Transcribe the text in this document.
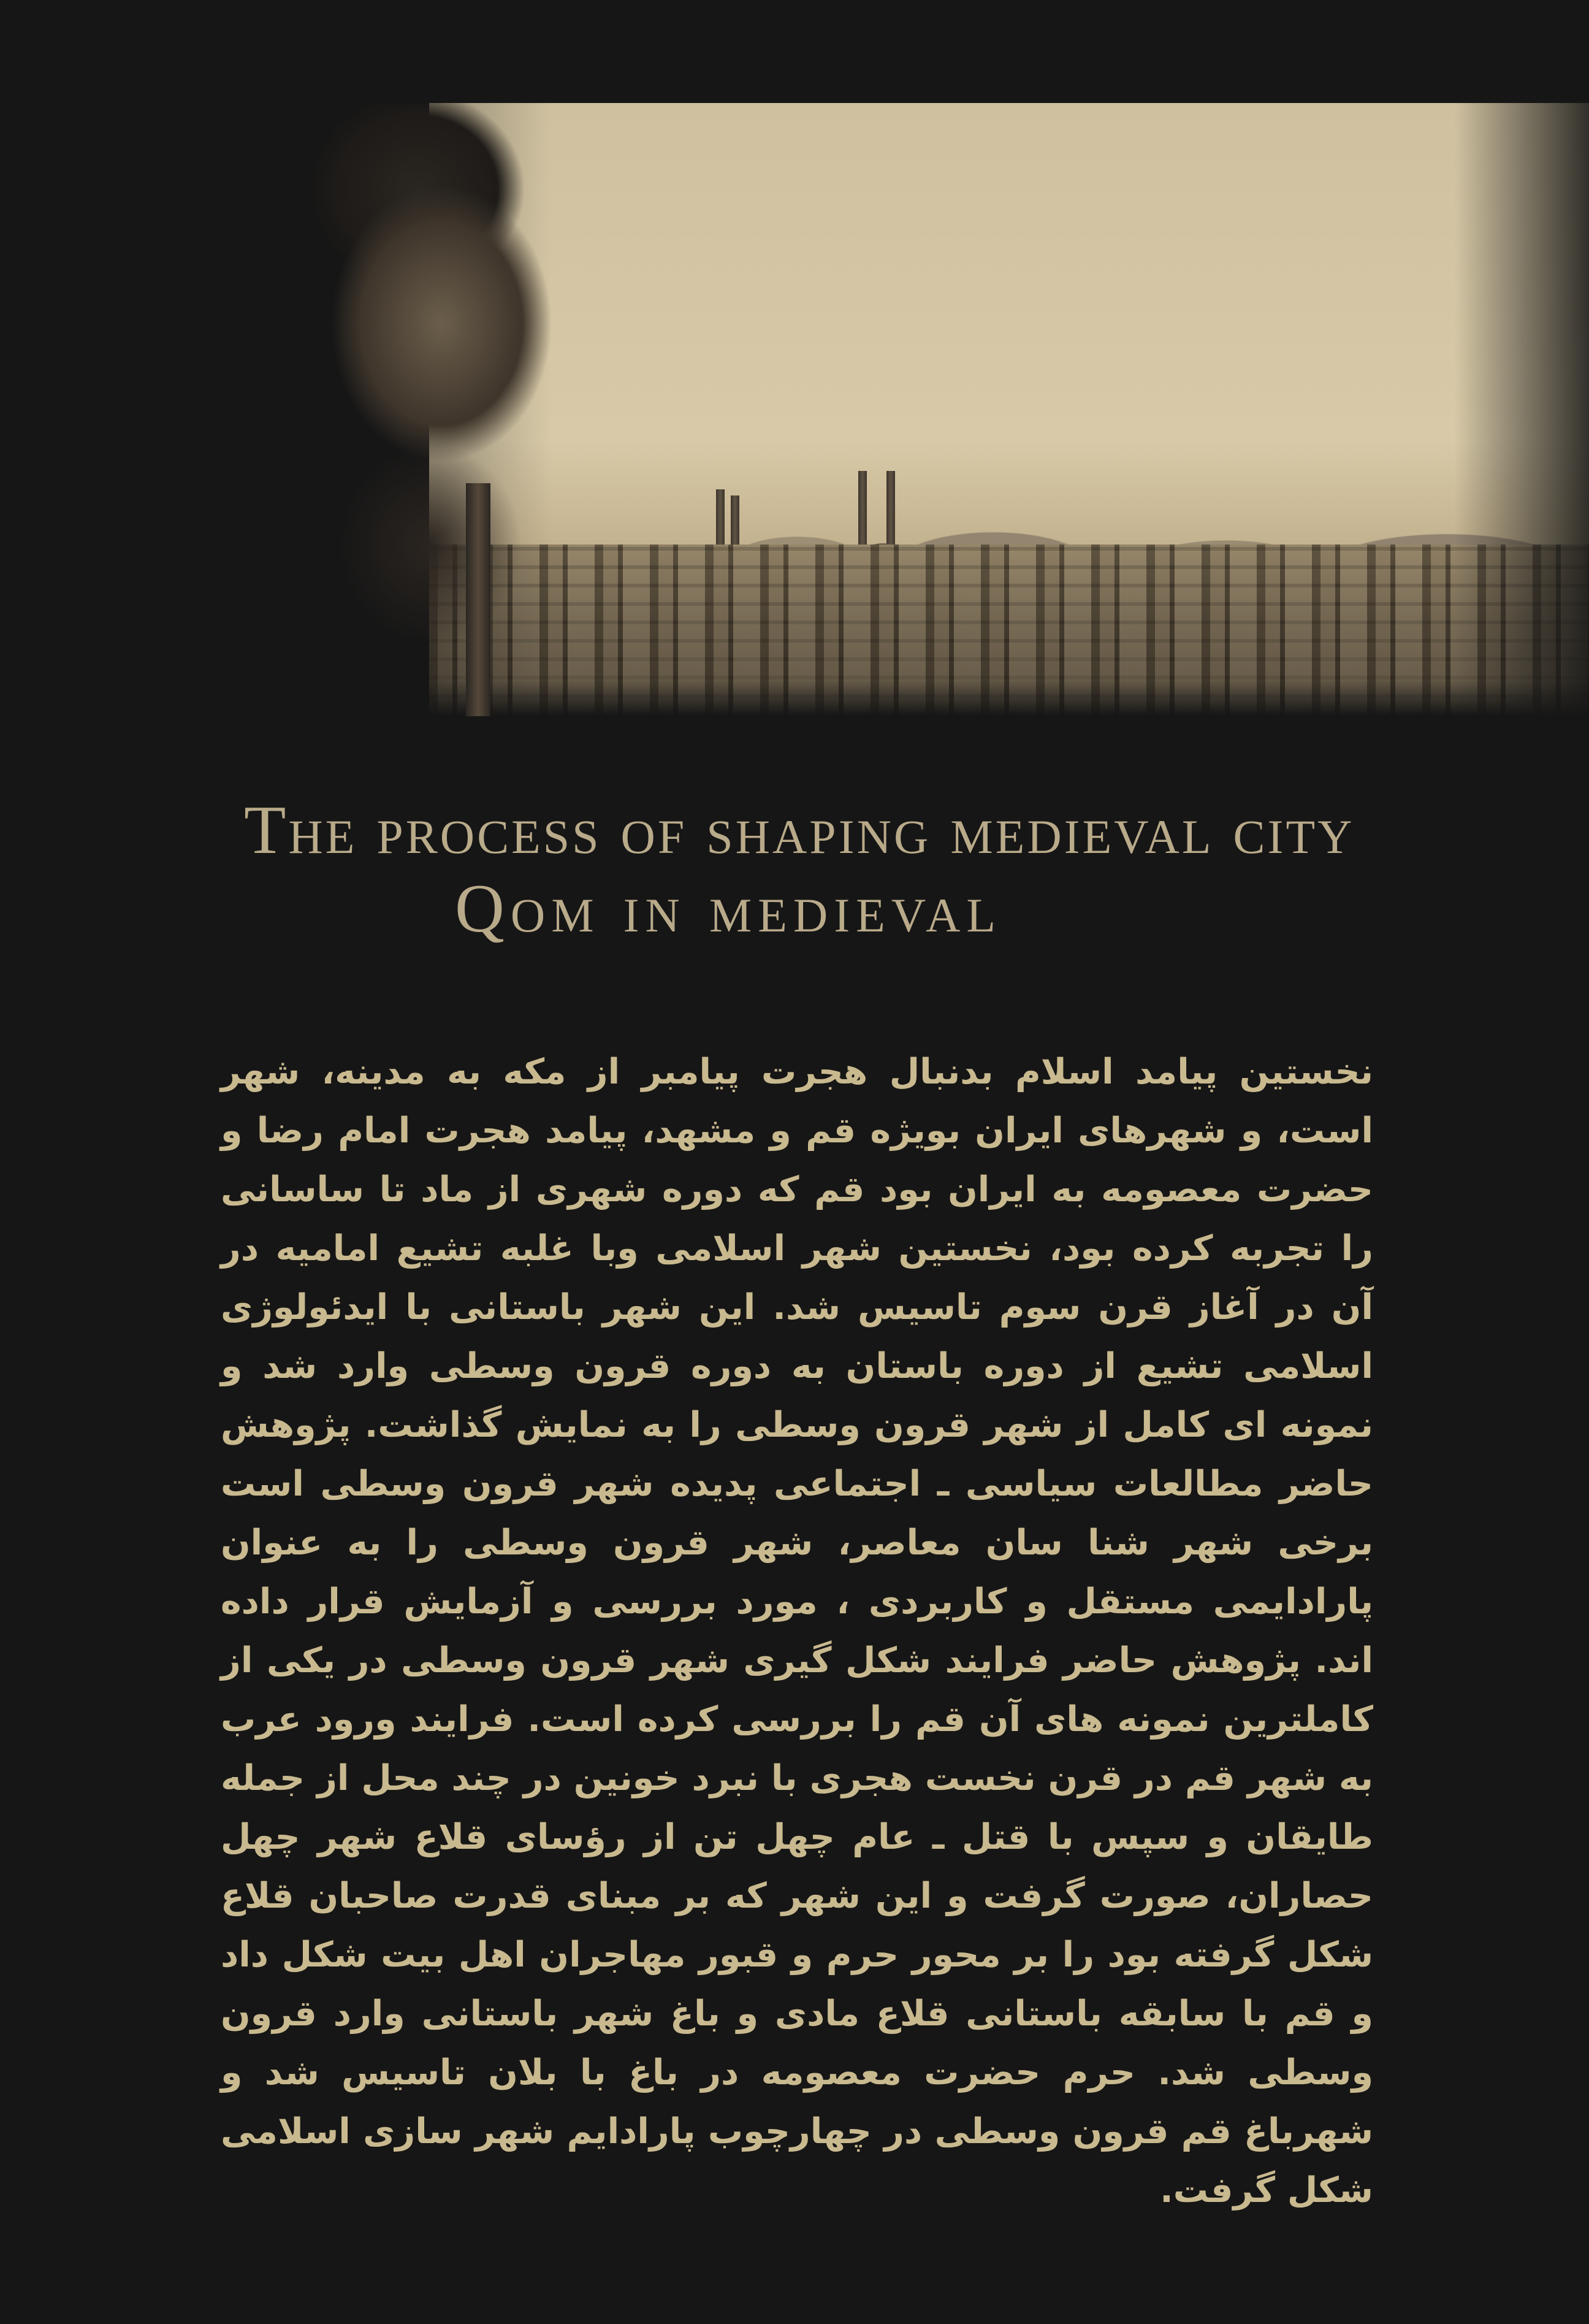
The process of shaping medieval city
Qom in medieval

نخستین پیامد اسلام بدنبال هجرت پیامبر از مکه به مدینه، شهر است، و شهرهای ایران بویژه قم و مشهد، پیامد هجرت امام رضا و حضرت معصومه به ایران بود قم که دوره شهری از ماد تا ساسانی را تجربه کرده بود، نخستین شهر اسلامی وبا غلبه تشیع امامیه در آن در آغاز قرن سوم تاسیس شد. این شهر باستانی با ایدئولوژی اسلامی تشیع از دوره باستان به دوره قرون وسطی وارد شد و نمونه ای کامل از شهر قرون وسطی را به نمایش گذاشت. پژوهش حاضر مطالعات سیاسی ـ اجتماعی پدیده شهر قرون وسطی است برخی شهر شنا سان معاصر، شهر قرون وسطی را به عنوان پارادایمی مستقل و کاربردی ، مورد بررسی و آزمایش قرار داده اند. پژوهش حاضر فرایند شکل گیری شهر قرون وسطی در یکی از کاملترین نمونه های آن قم را بررسی کرده است. فرایند ورود عرب به شهر قم در قرن نخست هجری با نبرد خونین در چند محل از جمله طایقان و سپس با قتل ـ عام چهل تن از رؤسای قلاع شهر چهل حصاران، صورت گرفت و این شهر که بر مبنای قدرت صاحبان قلاع شکل گرفته بود را بر محور حرم و قبور مهاجران اهل بیت شکل داد و قم با سابقه باستانی قلاع مادی و باغ شهر باستانی وارد قرون وسطی شد. حرم حضرت معصومه در باغ با بلان تاسیس شد و شهرباغ قم قرون وسطی در چهارچوب پارادایم شهر سازی اسلامی شکل گرفت.
